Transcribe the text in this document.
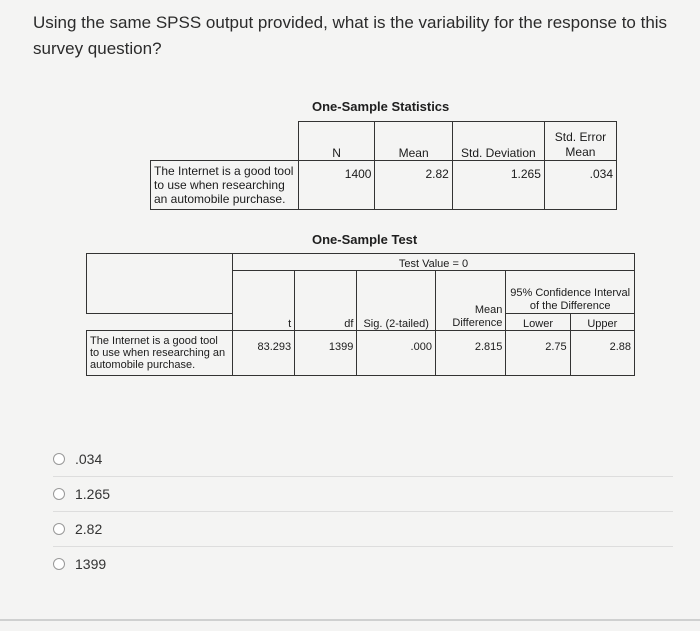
Using the same SPSS output provided, what is the variability for the response to this survey question?
One-Sample Statistics
	N	Mean	Std. Deviation	Std. Error Mean
The Internet is a good tool to use when researching an automobile purchase.	1400	2.82	1.265	.034
One-Sample Test
	Test Value = 0					
	t	df	Sig. (2-tailed)	Mean Difference	95% Confidence Interval of the Difference	
					Lower	Upper
The Internet is a good tool to use when researching an automobile purchase.	83.293	1399	.000	2.815	2.75	2.88
.034
1.265
2.82
1399
